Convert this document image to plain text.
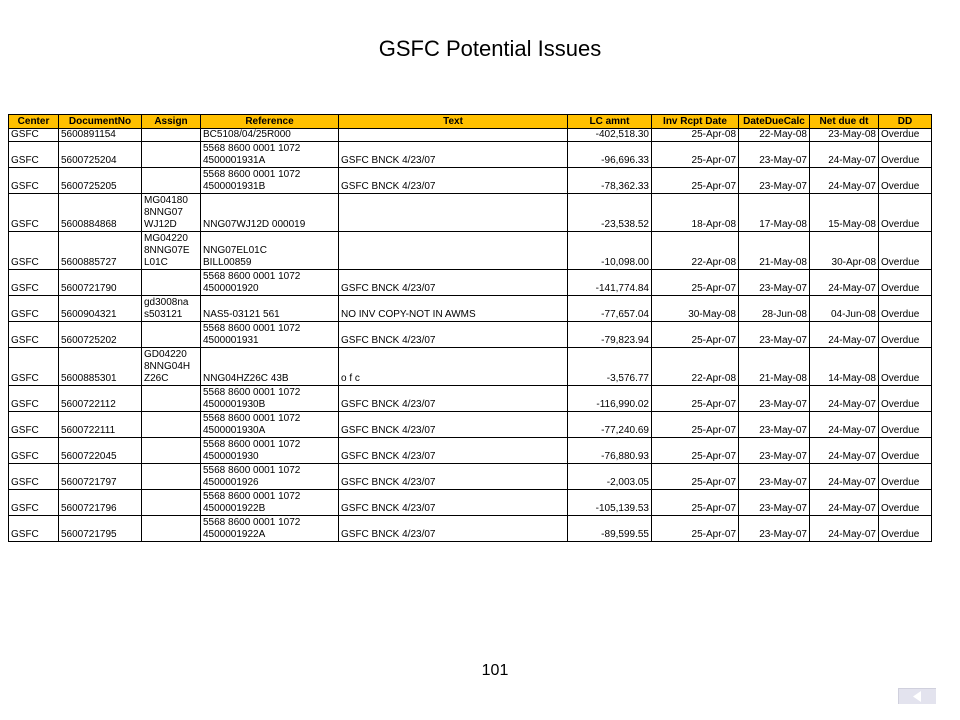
GSFC Potential Issues
Center	DocumentNo	Assign	Reference	Text	LC amnt	Inv Rcpt Date	DateDueCalc	Net due dt	DD
GSFC	5600891154		BC5108/04/25R000		-402,518.30	25-Apr-08	22-May-08	23-May-08	Overdue
GSFC	5600725204		5568 8600 0001 1072
4500001931A	GSFC BNCK 4/23/07	-96,696.33	25-Apr-07	23-May-07	24-May-07	Overdue
GSFC	5600725205		5568 8600 0001 1072
4500001931B	GSFC BNCK 4/23/07	-78,362.33	25-Apr-07	23-May-07	24-May-07	Overdue
GSFC	5600884868	MG04180
8NNG07
WJ12D	NNG07WJ12D 000019		-23,538.52	18-Apr-08	17-May-08	15-May-08	Overdue
GSFC	5600885727	MG04220
8NNG07E
L01C	NNG07EL01C
BILL00859		-10,098.00	22-Apr-08	21-May-08	30-Apr-08	Overdue
GSFC	5600721790		5568 8600 0001 1072
4500001920	GSFC BNCK 4/23/07	-141,774.84	25-Apr-07	23-May-07	24-May-07	Overdue
GSFC	5600904321	gd3008na
s503121	NAS5-03121 561	NO INV COPY-NOT IN AWMS	-77,657.04	30-May-08	28-Jun-08	04-Jun-08	Overdue
GSFC	5600725202		5568 8600 0001 1072
4500001931	GSFC BNCK 4/23/07	-79,823.94	25-Apr-07	23-May-07	24-May-07	Overdue
GSFC	5600885301	GD04220
8NNG04H
Z26C	NNG04HZ26C 43B	o f c	-3,576.77	22-Apr-08	21-May-08	14-May-08	Overdue
GSFC	5600722112		5568 8600 0001 1072
4500001930B	GSFC BNCK 4/23/07	-116,990.02	25-Apr-07	23-May-07	24-May-07	Overdue
GSFC	5600722111		5568 8600 0001 1072
4500001930A	GSFC BNCK 4/23/07	-77,240.69	25-Apr-07	23-May-07	24-May-07	Overdue
GSFC	5600722045		5568 8600 0001 1072
4500001930	GSFC BNCK 4/23/07	-76,880.93	25-Apr-07	23-May-07	24-May-07	Overdue
GSFC	5600721797		5568 8600 0001 1072
4500001926	GSFC BNCK 4/23/07	-2,003.05	25-Apr-07	23-May-07	24-May-07	Overdue
GSFC	5600721796		5568 8600 0001 1072
4500001922B	GSFC BNCK 4/23/07	-105,139.53	25-Apr-07	23-May-07	24-May-07	Overdue
GSFC	5600721795		5568 8600 0001 1072
4500001922A	GSFC BNCK 4/23/07	-89,599.55	25-Apr-07	23-May-07	24-May-07	Overdue
101
